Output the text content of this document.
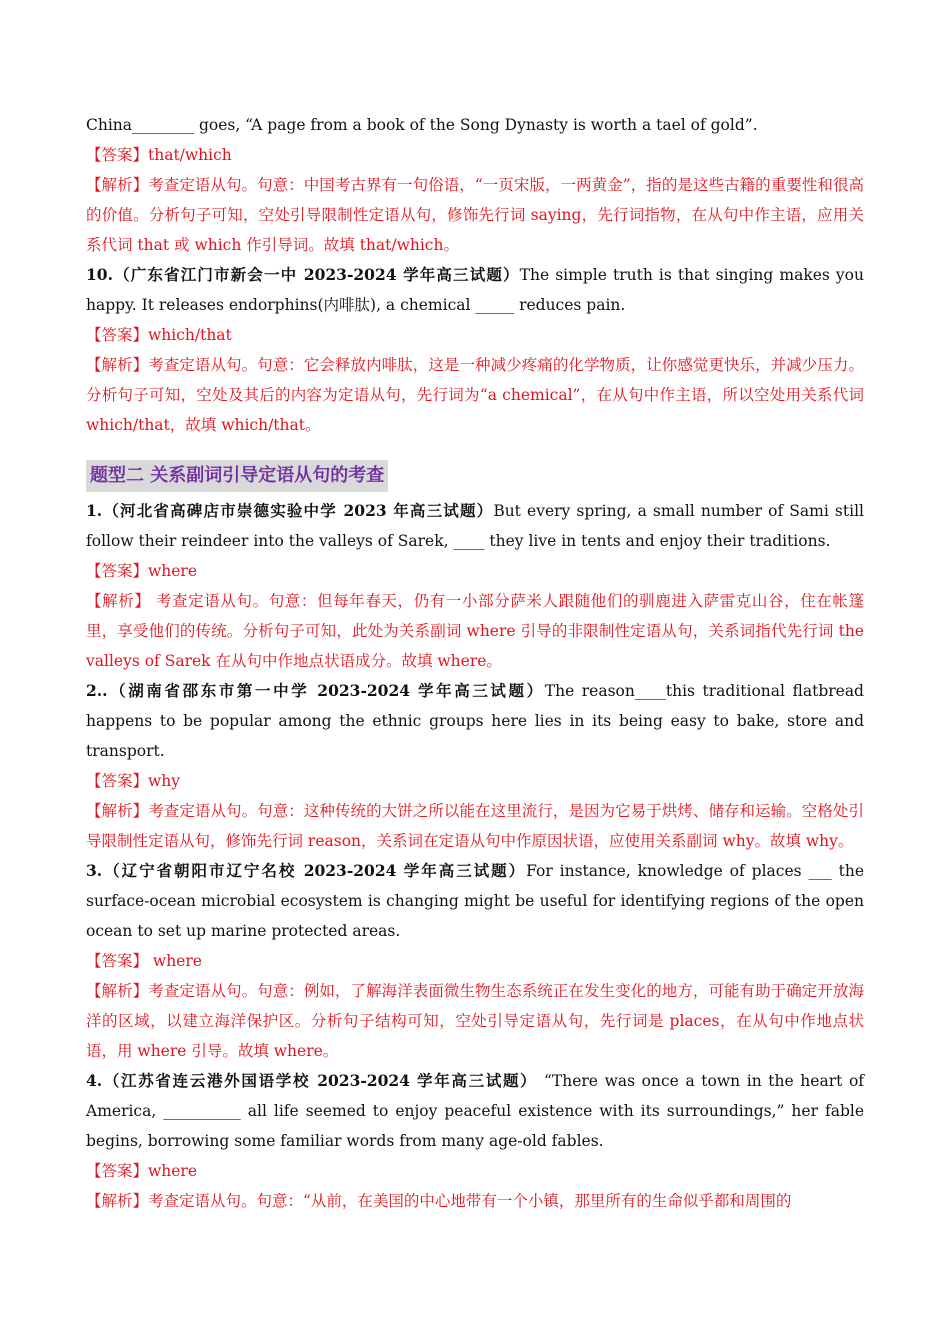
China________ goes, “A page from a book of the Song Dynasty is worth a tael of gold”.

【答案】that/which

【解析】考查定语从句。句意：中国考古界有一句俗语，“一页宋版，一两黄金”，指的是这些古籍的重要性和很高的价值。分析句子可知，空处引导限制性定语从句，修饰先行词 saying，先行词指物，在从句中作主语，应用关系代词 that 或 which 作引导词。故填 that/which。

10.（广东省江门市新会一中 2023-2024 学年高三试题）The simple truth is that singing makes you happy. It releases endorphins(内啡肽), a chemical _____ reduces pain.

【答案】which/that

【解析】考查定语从句。句意：它会释放内啡肽，这是一种减少疼痛的化学物质，让你感觉更快乐，并减少压力。分析句子可知，空处及其后的内容为定语从句，先行词为“a chemical”，在从句中作主语，所以空处用关系代词 which/that，故填 which/that。

题型二 关系副词引导定语从句的考查

1.（河北省高碑店市崇德实验中学 2023 年高三试题）But every spring, a small number of Sami still follow their reindeer into the valleys of Sarek, ____ they live in tents and enjoy their traditions.

【答案】where

【解析】 考查定语从句。句意：但每年春天，仍有一小部分萨米人跟随他们的驯鹿进入萨雷克山谷，住在帐篷里，享受他们的传统。分析句子可知，此处为关系副词 where 引导的非限制性定语从句，关系词指代先行词 the valleys of Sarek 在从句中作地点状语成分。故填 where。

2..（湖南省邵东市第一中学 2023-2024 学年高三试题）The reason____this traditional flatbread happens to be popular among the ethnic groups here lies in its being easy to bake, store and transport.

【答案】why

【解析】考查定语从句。句意：这种传统的大饼之所以能在这里流行，是因为它易于烘烤、储存和运输。空格处引导限制性定语从句，修饰先行词 reason，关系词在定语从句中作原因状语，应使用关系副词 why。故填 why。

3.（辽宁省朝阳市辽宁名校 2023-2024 学年高三试题）For instance, knowledge of places ___ the surface-ocean microbial ecosystem is changing might be useful for identifying regions of the open ocean to set up marine protected areas.

【答案】 where

【解析】考查定语从句。句意：例如，了解海洋表面微生物生态系统正在发生变化的地方，可能有助于确定开放海洋的区域，以建立海洋保护区。分析句子结构可知，空处引导定语从句，先行词是 places，在从句中作地点状语，用 where 引导。故填 where。

4.（江苏省连云港外国语学校 2023-2024 学年高三试题） “There was once a town in the heart of America, __________ all life seemed to enjoy peaceful existence with its surroundings,” her fable begins, borrowing some familiar words from many age-old fables.

【答案】where

【解析】考查定语从句。句意：“从前，在美国的中心地带有一个小镇，那里所有的生命似乎都和周围的
